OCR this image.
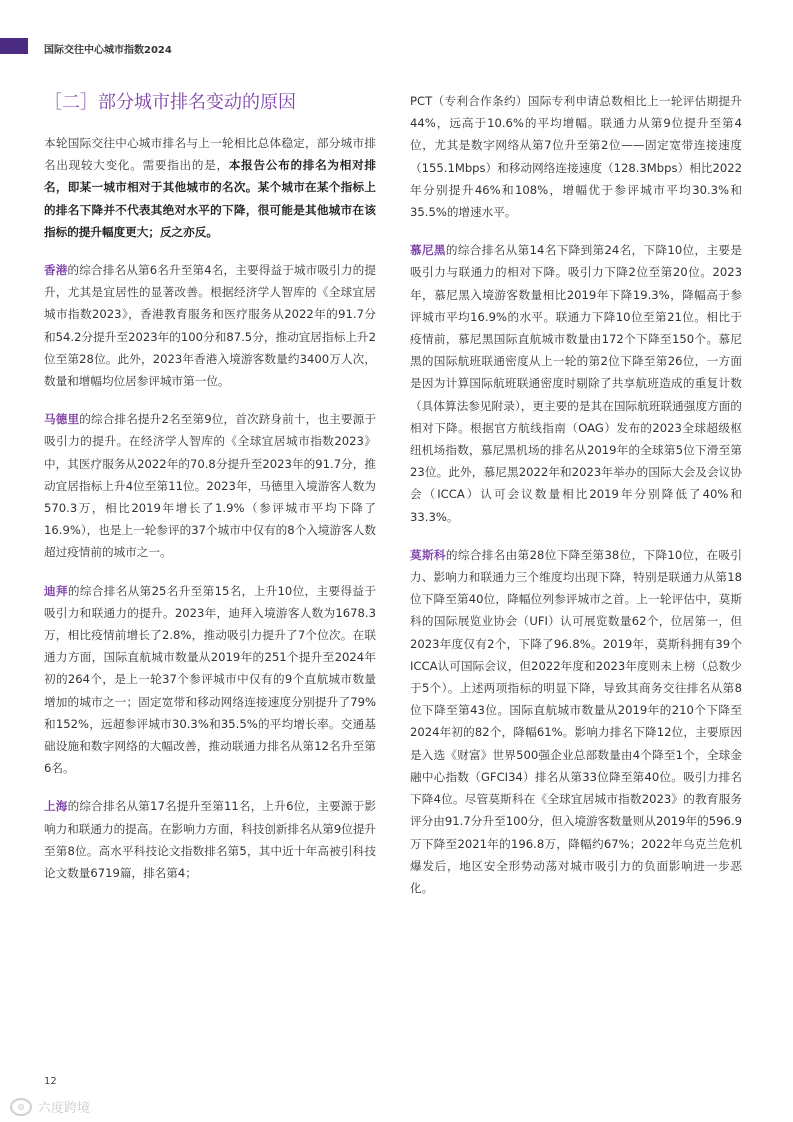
国际交往中心城市指数2024
［二］部分城市排名变动的原因

本轮国际交往中心城市排名与上一轮相比总体稳定，部分城市排名出现较大变化。需要指出的是，本报告公布的排名为相对排名，即某一城市相对于其他城市的名次。某个城市在某个指标上的排名下降并不代表其绝对水平的下降，很可能是其他城市在该指标的提升幅度更大；反之亦反。

香港的综合排名从第6名升至第4名，主要得益于城市吸引力的提升，尤其是宜居性的显著改善。根据经济学人智库的《全球宜居城市指数2023》，香港教育服务和医疗服务从2022年的91.7分和54.2分提升至2023年的100分和87.5分，推动宜居指标上升2位至第28位。此外，2023年香港入境游客数量约3400万人次，数量和增幅均位居参评城市第一位。

马德里的综合排名提升2名至第9位，首次跻身前十，也主要源于吸引力的提升。在经济学人智库的《全球宜居城市指数2023》中，其医疗服务从2022年的70.8分提升至2023年的91.7分，推动宜居指标上升4位至第11位。2023年，马德里入境游客人数为570.3万，相比2019年增长了1.9%（参评城市平均下降了16.9%），也是上一轮参评的37个城市中仅有的8个入境游客人数超过疫情前的城市之一。

迪拜的综合排名从第25名升至第15名，上升10位，主要得益于吸引力和联通力的提升。2023年，迪拜入境游客人数为1678.3万，相比疫情前增长了2.8%，推动吸引力提升了7个位次。在联通力方面，国际直航城市数量从2019年的251个提升至2024年初的264个，是上一轮37个参评城市中仅有的9个直航城市数量增加的城市之一；固定宽带和移动网络连接速度分别提升了79%和152%，远超参评城市30.3%和35.5%的平均增长率。交通基础设施和数字网络的大幅改善，推动联通力排名从第12名升至第6名。

上海的综合排名从第17名提升至第11名，上升6位，主要源于影响力和联通力的提高。在影响力方面，科技创新排名从第9位提升至第8位。高水平科技论文指数排名第5，其中近十年高被引科技论文数量6719篇，排名第4；

PCT（专利合作条约）国际专利申请总数相比上一轮评估期提升44%，远高于10.6%的平均增幅。联通力从第9位提升至第4位，尤其是数字网络从第7位升至第2位——固定宽带连接速度（155.1Mbps）和移动网络连接速度（128.3Mbps）相比2022年分别提升46%和108%，增幅优于参评城市平均30.3%和35.5%的增速水平。

慕尼黑的综合排名从第14名下降到第24名，下降10位，主要是吸引力与联通力的相对下降。吸引力下降2位至第20位。2023年，慕尼黑入境游客数量相比2019年下降19.3%，降幅高于参评城市平均16.9%的水平。联通力下降10位至第21位。相比于疫情前，慕尼黑国际直航城市数量由172个下降至150个。慕尼黑的国际航班联通密度从上一轮的第2位下降至第26位，一方面是因为计算国际航班联通密度时剔除了共享航班造成的重复计数（具体算法参见附录），更主要的是其在国际航班联通强度方面的相对下降。根据官方航线指南（OAG）发布的2023全球超级枢纽机场指数，慕尼黑机场的排名从2019年的全球第5位下滑至第23位。此外，慕尼黑2022年和2023年举办的国际大会及会议协会（ICCA）认可会议数量相比2019年分别降低了40%和33.3%。

莫斯科的综合排名由第28位下降至第38位，下降10位，在吸引力、影响力和联通力三个维度均出现下降，特别是联通力从第18位下降至第40位，降幅位列参评城市之首。上一轮评估中，莫斯科的国际展览业协会（UFI）认可展览数量62个，位居第一，但2023年度仅有2个，下降了96.8%。2019年，莫斯科拥有39个ICCA认可国际会议，但2022年度和2023年度则未上榜（总数少于5个）。上述两项指标的明显下降，导致其商务交往排名从第8位下降至第43位。国际直航城市数量从2019年的210个下降至2024年初的82个，降幅61%。影响力排名下降12位，主要原因是入选《财富》世界500强企业总部数量由4个降至1个，全球金融中心指数（GFCI34）排名从第33位降至第40位。吸引力排名下降4位。尽管莫斯科在《全球宜居城市指数2023》的教育服务评分由91.7分升至100分，但入境游客数量则从2019年的596.9万下降至2021年的196.8万，降幅约67%；2022年乌克兰危机爆发后，地区安全形势动荡对城市吸引力的负面影响进一步恶化。

12
◎	六度跨境
